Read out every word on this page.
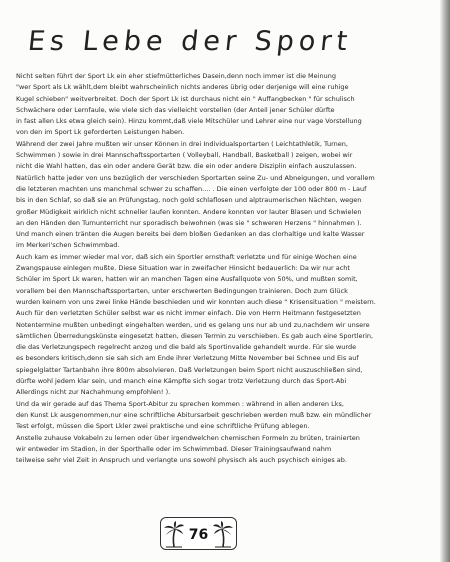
Es Lebe der Sport
Nicht selten führt der Sport Lk ein eher stiefmütterliches Dasein,denn noch immer ist die Meinung
"wer Sport als Lk wählt,dem bleibt wahrscheinlich nichts anderes übrig oder derjenige will eine ruhige
Kugel schieben" weitverbreitet. Doch der Sport Lk ist durchaus nicht ein " Auffangbecken " für schulisch
Schwächere oder Lernfaule, wie viele sich das vielleicht vorstellen (der Anteil jener Schüler dürfte
in fast allen Lks etwa gleich sein). Hinzu kommt,daß viele Mitschüler und Lehrer eine nur vage Vorstellung
von den im Sport Lk geforderten Leistungen haben.
Während der zwei Jahre mußten wir unser Können in drei Individualsportarten ( Leichtathletik, Turnen,
Schwimmen ) sowie in drei Mannschaftssportarten ( Volleyball, Handball, Basketball ) zeigen, wobei wir
nicht die Wahl hatten, das ein oder andere Gerät bzw. die ein oder andere Disziplin einfach auszulassen.
Natürlich hatte jeder von uns bezüglich der verschieden Sportarten seine Zu- und Abneigungen, und vorallem
die letzteren machten uns manchmal schwer zu schaffen.... . Die einen verfolgte der 100 oder 800 m - Lauf
bis in den Schlaf, so daß sie an Prüfungstag, noch gold schlaflosen und alptraumerischen Nächten, wegen
großer Müdigkeit wirklich nicht schneller laufen konnten. Andere konnten vor lauter Blasen und Schwielen
an den Händen den Turnunterricht nur sporadisch beiwohnen (was sie " schweren Herzens " hinnahmen ).
Und manch einen tränten die Augen bereits bei dem bloßen Gedanken an das clorhaltige und kalte Wasser
im Merkeri'schen Schwimmbad.
Auch kam es immer wieder mal vor, daß sich ein Sportler ernsthaft verletzte und für einige Wochen eine
Zwangspause einlegen mußte. Diese Situation war in zweifacher Hinsicht bedauerlich: Da wir nur acht
Schüler im Sport Lk waren, hatten wir an manchen Tagen eine Ausfallquote von 50%, und mußten somit,
vorallem bei den Mannschaftssportarten, unter erschwerten Bedingungen trainieren. Doch zum Glück
wurden keinem von uns zwei linke Hände beschieden und wir konnten auch diese " Krisensituation " meistern.
Auch für den verletzten Schüler selbst war es nicht immer einfach. Die von Herrn Heitmann festgesetzten
Notentermine mußten unbedingt eingehalten werden, und es gelang uns nur ab und zu,nachdem wir unsere
sämtlichen Überredungskünste eingesetzt hatten, diesen Termin zu verschieben. Es gab auch eine Sportlerin,
die das Verletzungspech regelrecht anzog und die bald als Sportinvalide gehandelt wurde. Für sie wurde
es besonders kritisch,denn sie sah sich am Ende ihrer Verletzung Mitte November bei Schnee und Eis auf
spiegelglatter Tartanbahn ihre 800m absolvieren. Daß Verletzungen beim Sport nicht auszuschließen sind,
dürfte wohl jedem klar sein, und manch eine Kämpfte sich sogar trotz Verletzung durch das Sport-Abi
Allerdings nicht zur Nachahmung empfohlen! ).
Und da wir gerade auf das Thema Sport-Abitur zu sprechen kommen : während in allen anderen Lks,
den Kunst Lk ausgenommen,nur eine schriftliche Abitursarbeit geschrieben werden muß bzw. ein mündlicher
Test erfolgt, müssen die Sport Lkler zwei praktische und eine schriftliche Prüfung ablegen.
Anstelle zuhause Vokabeln zu lernen oder über irgendwelchen chemischen Formeln zu brüten, trainierten
wir entweder im Stadion, in der Sporthalle oder im Schwimmbad. Dieser Trainingsaufwand nahm
teilweise sehr viel Zeit in Anspruch und verlangte uns sowohl physisch als auch psychisch einiges ab.
76
